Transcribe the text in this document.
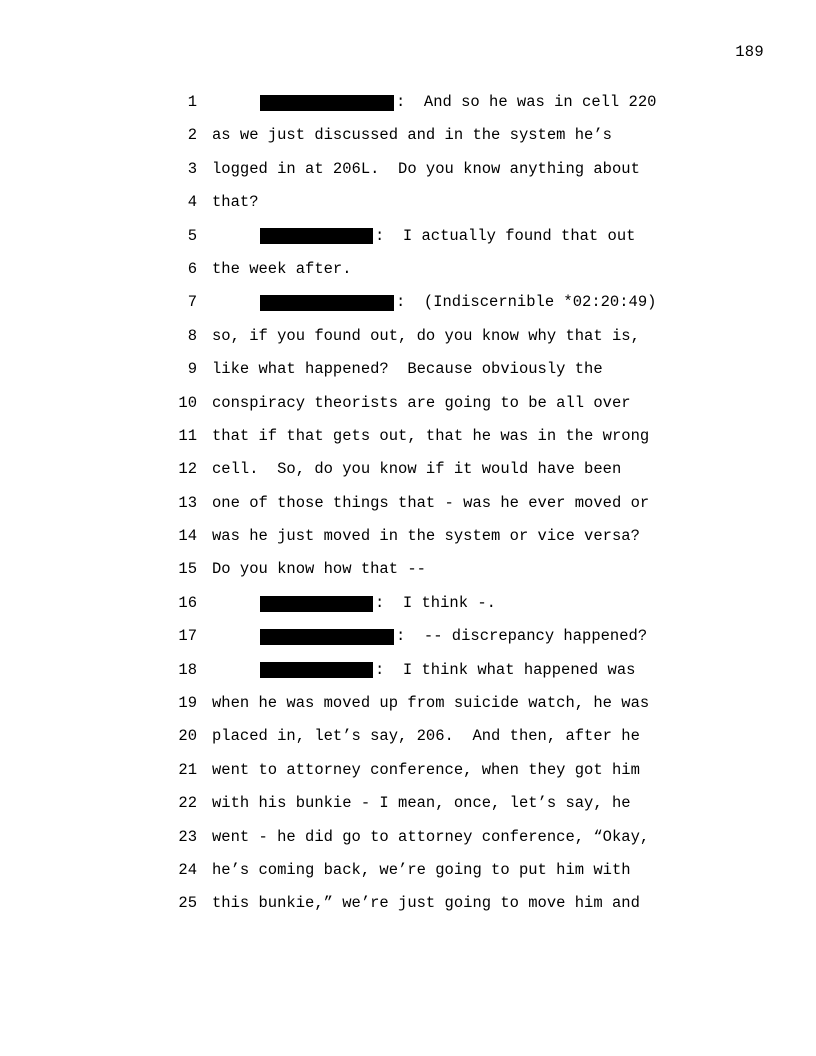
189
1	:  And so he was in cell 220
2 as we just discussed and in the system he’s
3 logged in at 206L.  Do you know anything about
4 that?
5	:  I actually found that out
6 the week after.
7	:  (Indiscernible *02:20:49)
8 so, if you found out, do you know why that is,
9 like what happened?  Because obviously the
10 conspiracy theorists are going to be all over
11 that if that gets out, that he was in the wrong
12 cell.  So, do you know if it would have been
13 one of those things that - was he ever moved or
14 was he just moved in the system or vice versa?
15 Do you know how that --
16	:  I think -.
17	:  -- discrepancy happened?
18	:  I think what happened was
19 when he was moved up from suicide watch, he was
20 placed in, let’s say, 206.  And then, after he
21 went to attorney conference, when they got him
22 with his bunkie - I mean, once, let’s say, he
23 went - he did go to attorney conference, “Okay,
24 he’s coming back, we’re going to put him with
25 this bunkie,” we’re just going to move him and
